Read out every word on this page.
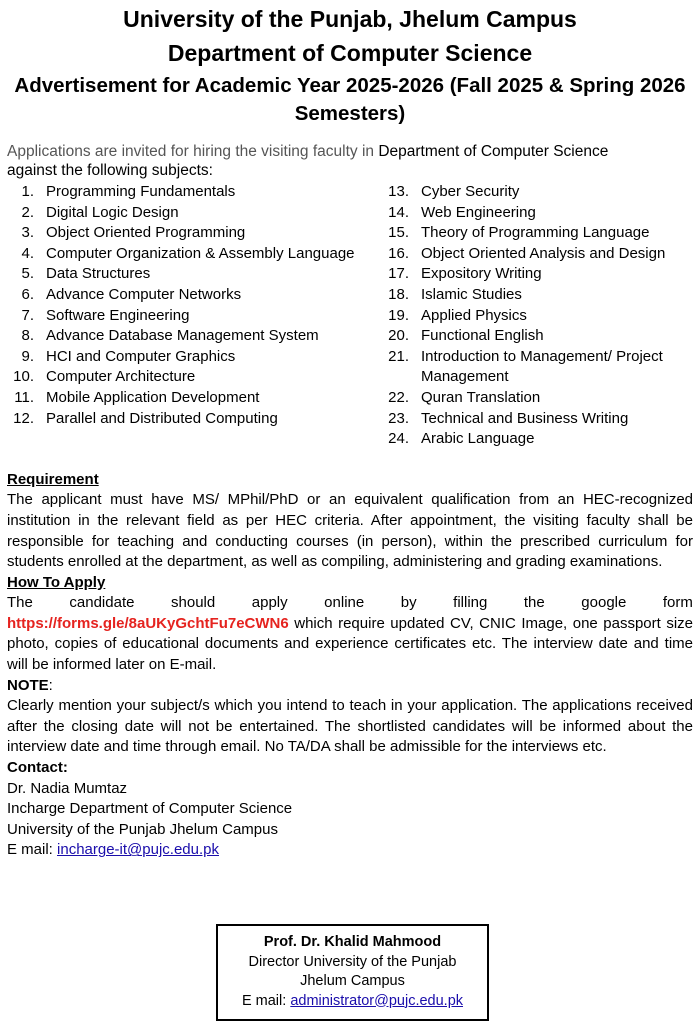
University of the Punjab, Jhelum Campus
Department of Computer Science
Advertisement for Academic Year 2025-2026 (Fall 2025 & Spring 2026 Semesters)
Applications are invited for hiring the visiting faculty in Department of Computer Science
against the following subjects:
1. Programming Fundamentals
2. Digital Logic Design
3. Object Oriented Programming
4. Computer Organization & Assembly Language
5. Data Structures
6. Advance Computer Networks
7. Software Engineering
8. Advance Database Management System
9. HCI and Computer Graphics
10. Computer Architecture
11. Mobile Application Development
12. Parallel and Distributed Computing
13. Cyber Security
14. Web Engineering
15. Theory of Programming Language
16. Object Oriented Analysis and Design
17. Expository Writing
18. Islamic Studies
19. Applied Physics
20. Functional English
21. Introduction to Management/ Project Management
22. Quran Translation
23. Technical and Business Writing
24. Arabic Language
Requirement
The applicant must have MS/ MPhil/PhD or an equivalent qualification from an HEC-recognized institution in the relevant field as per HEC criteria. After appointment, the visiting faculty shall be responsible for teaching and conducting courses (in person), within the prescribed curriculum for students enrolled at the department, as well as compiling, administering and grading examinations.
How To Apply
The candidate should apply online by filling the google form
https://forms.gle/8aUKyGchtFu7eCWN6 which require updated CV, CNIC Image, one passport size photo, copies of educational documents and experience certificates etc. The interview date and time will be informed later on E-mail.
NOTE:
Clearly mention your subject/s which you intend to teach in your application. The applications received after the closing date will not be entertained. The shortlisted candidates will be informed about the interview date and time through email. No TA/DA shall be admissible for the interviews etc.
Contact:
Dr. Nadia Mumtaz
Incharge Department of Computer Science
University of the Punjab Jhelum Campus
E mail: incharge-it@pujc.edu.pk
Prof. Dr. Khalid Mahmood
Director University of the Punjab
Jhelum Campus
E mail: administrator@pujc.edu.pk
